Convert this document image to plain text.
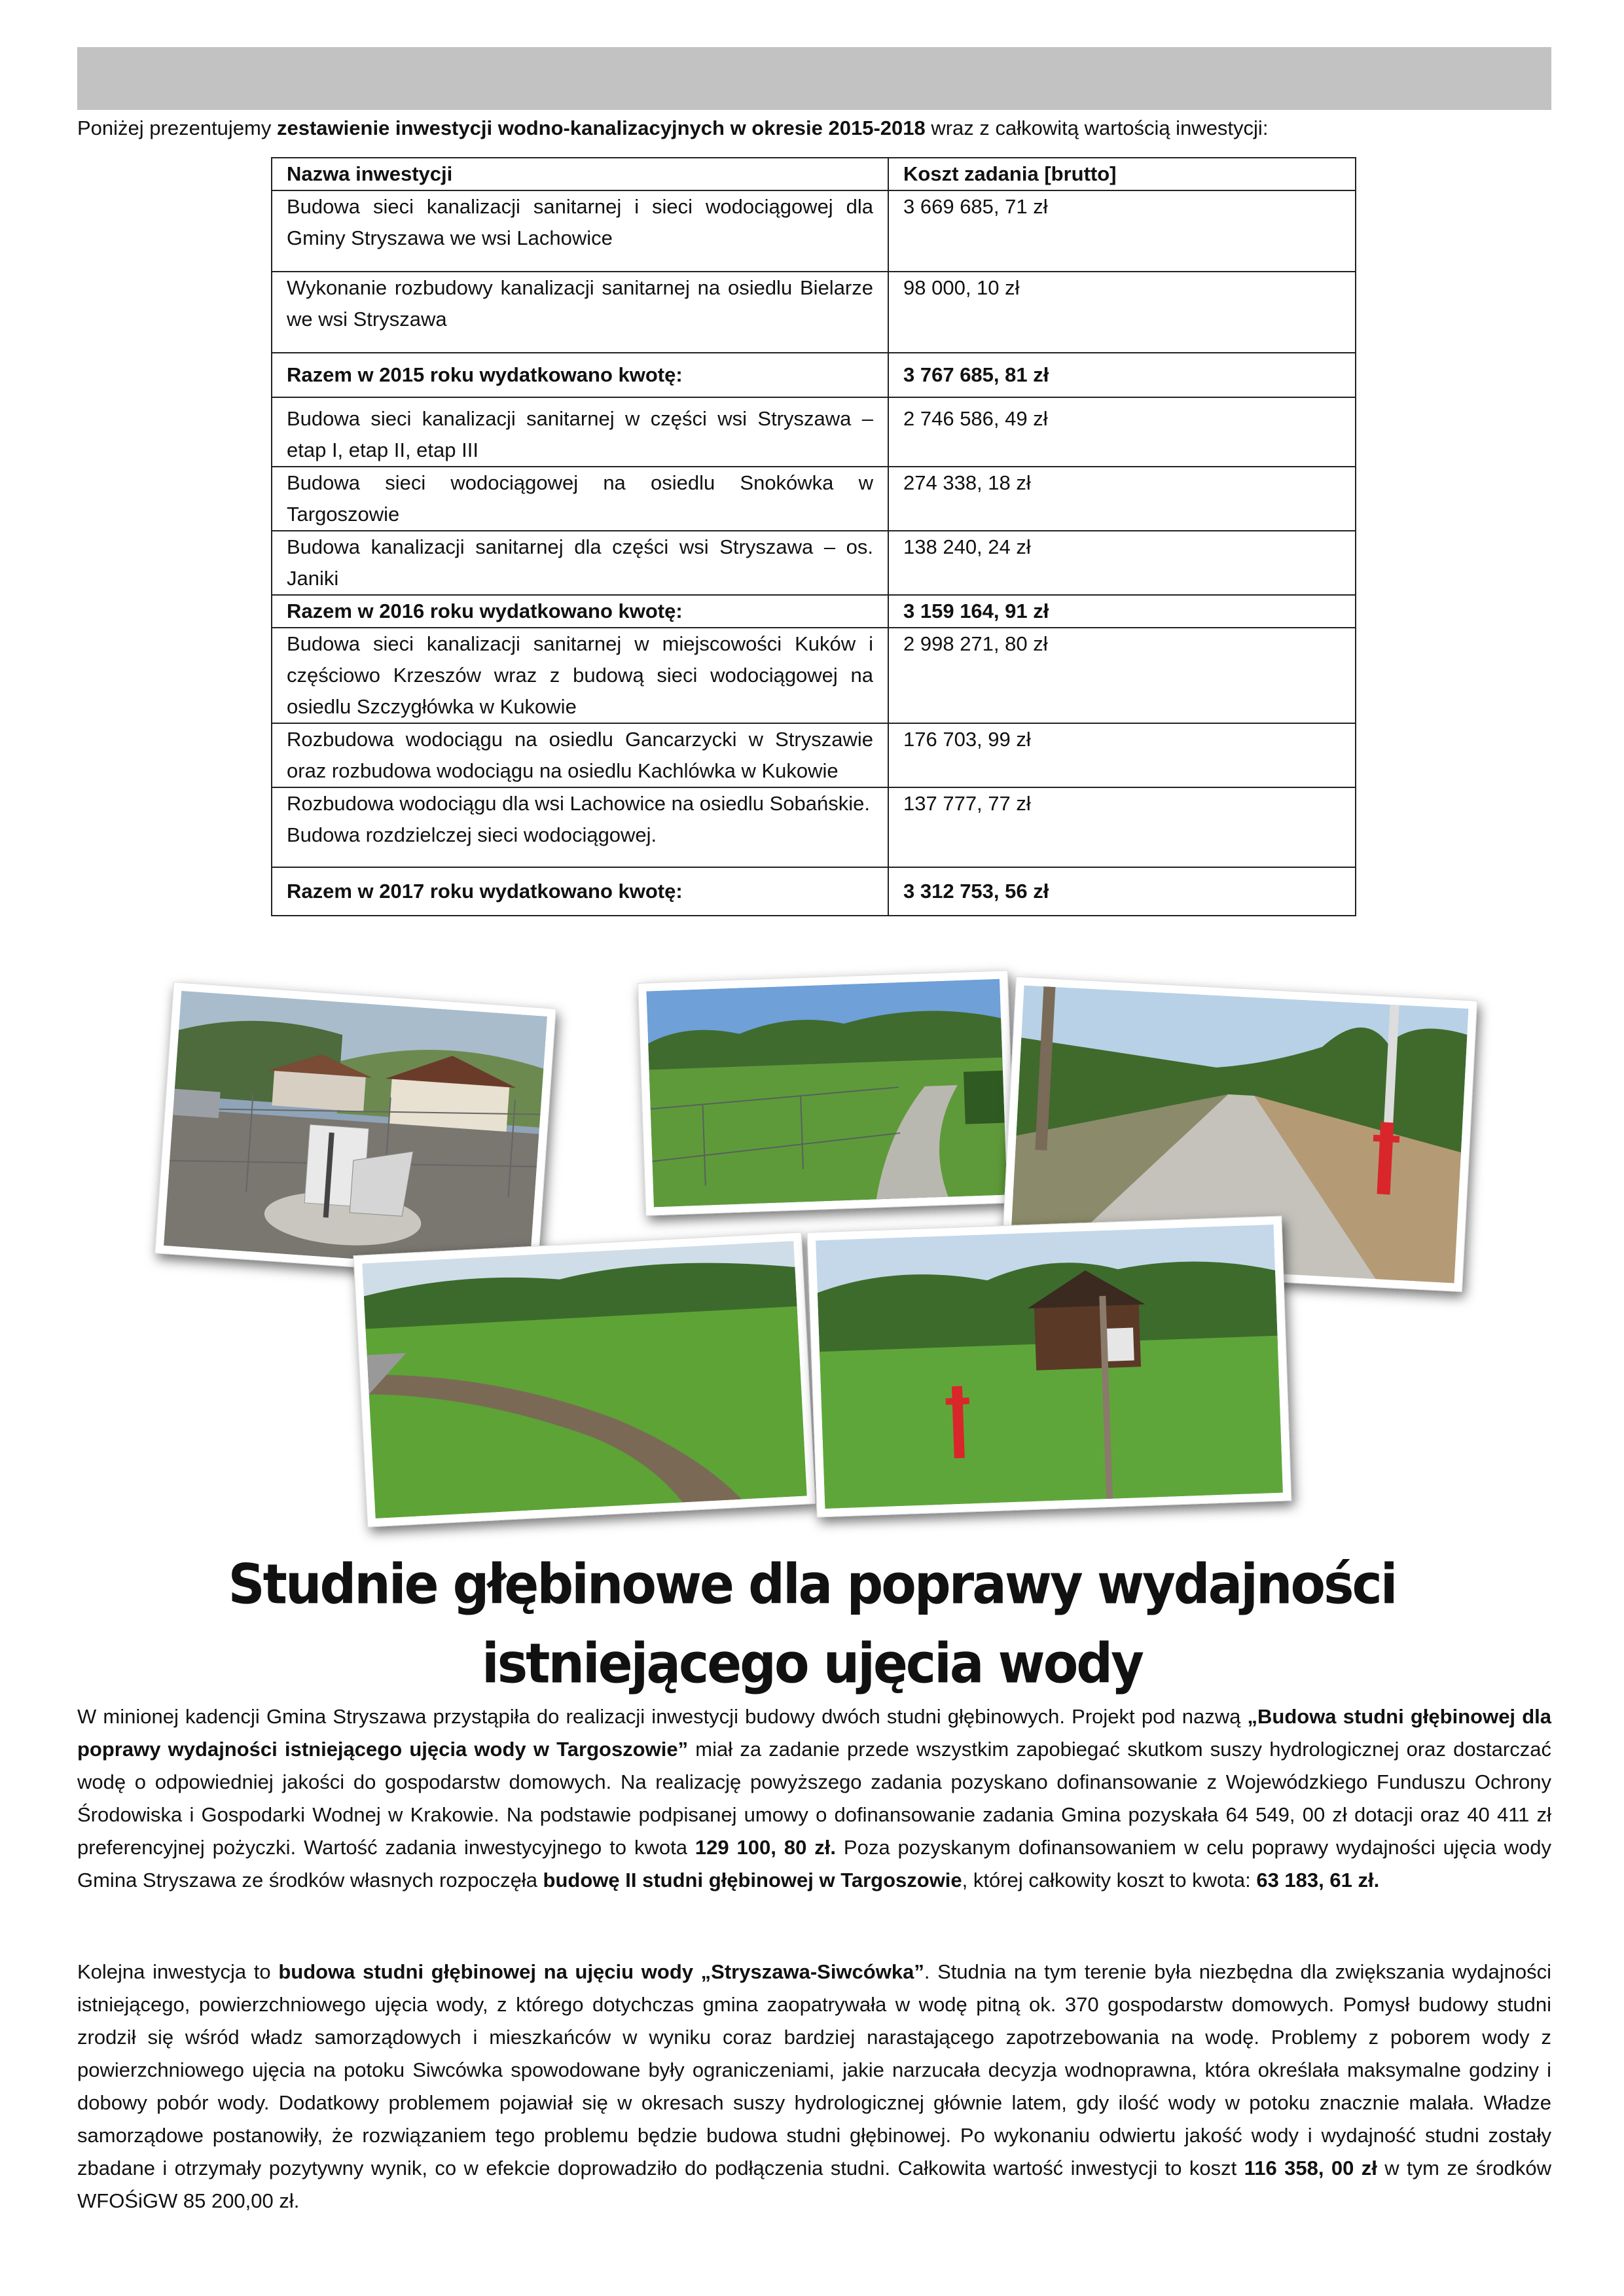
Poniżej prezentujemy zestawienie inwestycji wodno-kanalizacyjnych w okresie 2015-2018 wraz z całkowitą wartością inwestycji:
Nazwa inwestycji	Koszt zadania [brutto]
Budowa sieci kanalizacji sanitarnej i sieci wodociągowej dla Gminy Stryszawa we wsi Lachowice	3 669 685, 71 zł
Wykonanie rozbudowy kanalizacji sanitarnej na osiedlu Bielarze we wsi Stryszawa	98 000, 10 zł
Razem w 2015 roku wydatkowano kwotę:	3 767 685, 81 zł
Budowa sieci kanalizacji sanitarnej w części wsi Stryszawa – etap I, etap II, etap III	2 746 586, 49 zł
Budowa sieci wodociągowej na osiedlu Snokówka w Targoszowie	274 338, 18 zł
Budowa kanalizacji sanitarnej dla części wsi Stryszawa – os. Janiki	138 240, 24 zł
Razem w 2016 roku wydatkowano kwotę:	3 159 164, 91 zł
Budowa sieci kanalizacji sanitarnej w miejscowości Kuków i częściowo Krzeszów wraz z budową sieci wodociągowej na osiedlu Szczygłówka w Kukowie	2 998 271, 80 zł
Rozbudowa wodociągu na osiedlu Gancarzycki w Stryszawie oraz rozbudowa wodociągu na osiedlu Kachlówka w Kukowie	176 703, 99 zł
Rozbudowa wodociągu dla wsi Lachowice na osiedlu Sobańskie. Budowa rozdzielczej sieci wodociągowej.	137 777, 77 zł
Razem w 2017 roku wydatkowano kwotę:	3 312 753, 56 zł
Studnie głębinowe dla poprawy wydajności
istniejącego ujęcia wody
W minionej kadencji Gmina Stryszawa przystąpiła do realizacji inwestycji budowy dwóch studni głębinowych. Projekt pod nazwą „Budowa studni głębinowej dla poprawy wydajności istniejącego ujęcia wody w Targoszowie” miał za zadanie przede wszystkim zapobiegać skutkom suszy hydrologicznej oraz dostarczać wodę o odpowiedniej jakości do gospodarstw domowych. Na realizację powyższego zadania pozyskano dofinansowanie z Wojewódzkiego Funduszu Ochrony Środowiska i Gospodarki Wodnej w Krakowie. Na podstawie podpisanej umowy o dofinansowanie zadania Gmina pozyskała 64 549, 00 zł dotacji oraz 40 411 zł preferencyjnej pożyczki. Wartość zadania inwestycyjnego to kwota 129 100, 80 zł. Poza pozyskanym dofinansowaniem w celu poprawy wydajności ujęcia wody Gmina Stryszawa ze środków własnych rozpoczęła budowę II studni głębinowej w Targoszowie, której całkowity koszt to kwota: 63 183, 61 zł.
Kolejna inwestycja to budowa studni głębinowej na ujęciu wody „Stryszawa-Siwcówka”. Studnia na tym terenie była niezbędna dla zwiększania wydajności istniejącego, powierzchniowego ujęcia wody, z którego dotychczas gmina zaopatrywała w wodę pitną ok. 370 gospodarstw domowych. Pomysł budowy studni zrodził się wśród władz samorządowych i mieszkańców w wyniku coraz bardziej narastającego zapotrzebowania na wodę. Problemy z poborem wody z powierzchniowego ujęcia na potoku Siwcówka spowodowane były ograniczeniami, jakie narzucała decyzja wodnoprawna, która określała maksymalne godziny i dobowy pobór wody. Dodatkowy problemem pojawiał się w okresach suszy hydrologicznej głównie latem, gdy ilość wody w potoku znacznie malała. Władze samorządowe postanowiły, że rozwiązaniem tego problemu będzie budowa studni głębinowej. Po wykonaniu odwiertu jakość wody i wydajność studni zostały zbadane i otrzymały pozytywny wynik, co w efekcie doprowadziło do podłączenia studni. Całkowita wartość inwestycji to koszt 116 358, 00 zł w tym ze środków WFOŚiGW 85 200,00 zł.
